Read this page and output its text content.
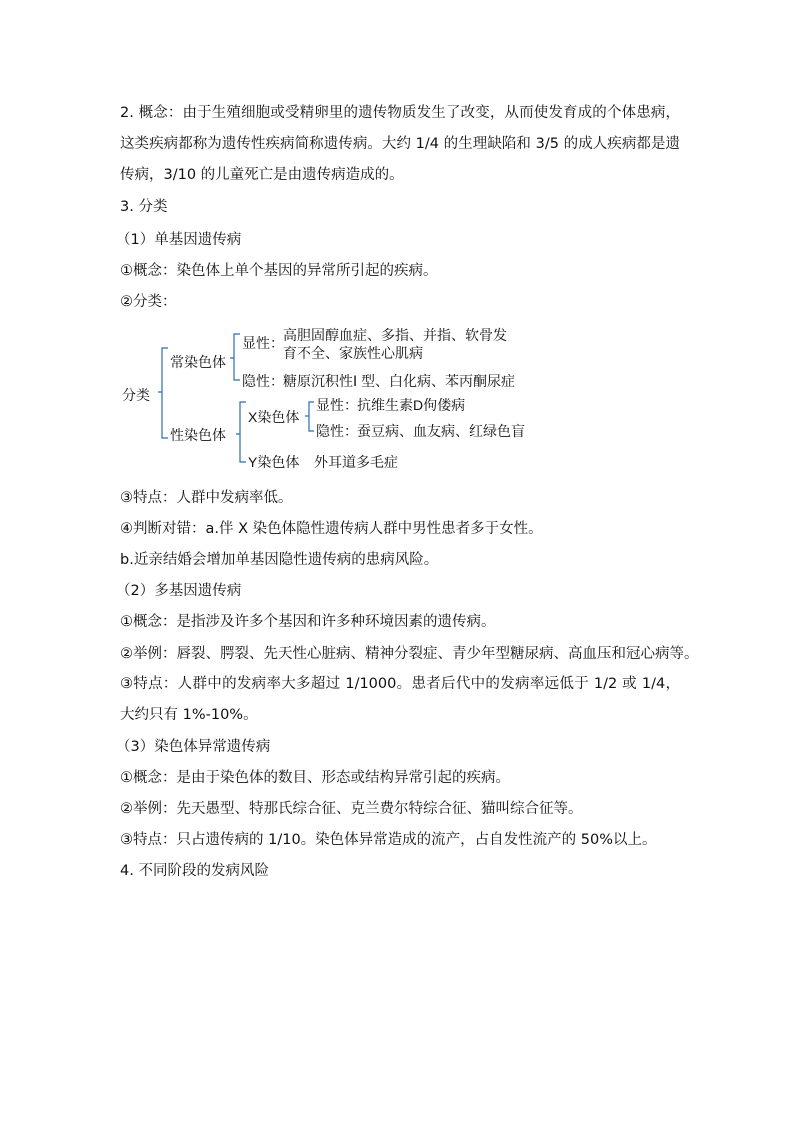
2. 概念：由于生殖细胞或受精卵里的遗传物质发生了改变，从而使发育成的个体患病，这类疾病都称为遗传性疾病简称遗传病。大约 1/4 的生理缺陷和 3/5 的成人疾病都是遗传病，3/10 的儿童死亡是由遗传病造成的。
3. 分类
（1）单基因遗传病
①概念：染色体上单个基因的异常所引起的疾病。
②分类：
分类
常染色体
显性： 高胆固醇血症、多指、并指、软骨发
育不全、家族性心肌病
隐性： 糖原沉积性Ⅰ 型、白化病、苯丙酮尿症
性染色体
X染色体
显性： 抗维生素D佝偻病
隐性： 蚕豆病、血友病、红绿色盲
Y染色体 外耳道多毛症
③特点：人群中发病率低。
④判断对错：a.伴 X 染色体隐性遗传病人群中男性患者多于女性。
b.近亲结婚会增加单基因隐性遗传病的患病风险。
（2）多基因遗传病
①概念：是指涉及许多个基因和许多种环境因素的遗传病。
②举例：唇裂、腭裂、先天性心脏病、精神分裂症、青少年型糖尿病、高血压和冠心病等。
③特点：人群中的发病率大多超过 1/1000。患者后代中的发病率远低于 1/2 或 1/4，大约只有 1%-10%。
（3）染色体异常遗传病
①概念：是由于染色体的数目、形态或结构异常引起的疾病。
②举例：先天愚型、特那氏综合征、克兰费尔特综合征、猫叫综合征等。
③特点：只占遗传病的 1/10。染色体异常造成的流产，占自发性流产的 50%以上。
4. 不同阶段的发病风险
